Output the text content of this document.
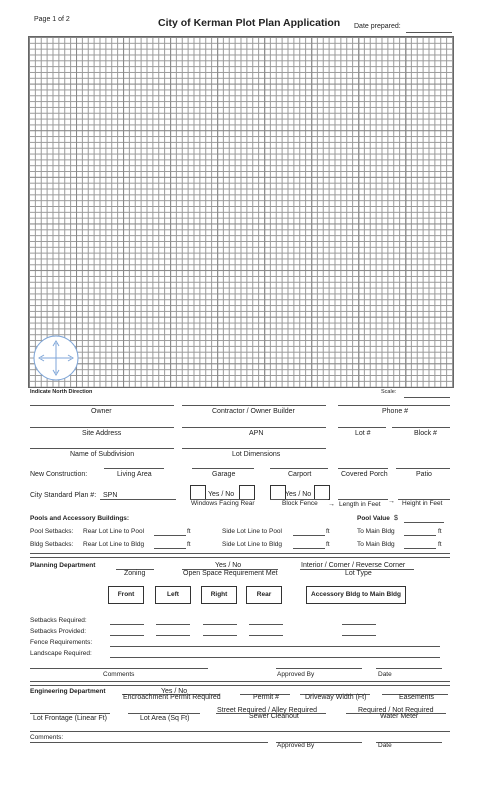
Page 1 of 2	City of Kerman Plot Plan Application Date prepared:
Indicate North Direction	Scale:
Owner	Contractor / Owner Builder	Phone #
Site Address	APN	Lot #	Block #
Name of Subdivision	Lot Dimensions
New Construction:	Living Area	Garage	Carport	Covered Porch	Patio
City Standard Plan #: SPN	Yes / No
Windows Facing Rear
Yes / No
Block Fence → Length in Feet → Height in Feet
Pools and Accessory Buildings:	Pool Value $
Pool Setbacks: Rear Lot Line to Pool	ft	Side Lot Line to Pool	ft	To Main Bldg	ft
Bldg Setbacks: Rear Lot Line to Bldg	ft	Side Lot Line to Bldg	ft	To Main Bldg	ft
Planning Department	Yes / No	Interior / Corner / Reverse Corner
Zoning	Open Space Requirement Met	Lot Type
Front	Left	Right	Rear	Accessory Bldg to Main Bldg
Setbacks Required:
Setbacks Provided:
Fence Requirements:
Landscape Required:
Comments	Approved By	Date
Engineering Department	Yes / No
Encroachment Permit Required	Permit #	Driveway Width (Ft)	Easements
Street Required / Alley Required	Required / Not Required
Sewer Cleanout	Water Meter
Lot Frontage (Linear Ft)	Lot Area (Sq Ft)
Comments:
Approved By	Date
